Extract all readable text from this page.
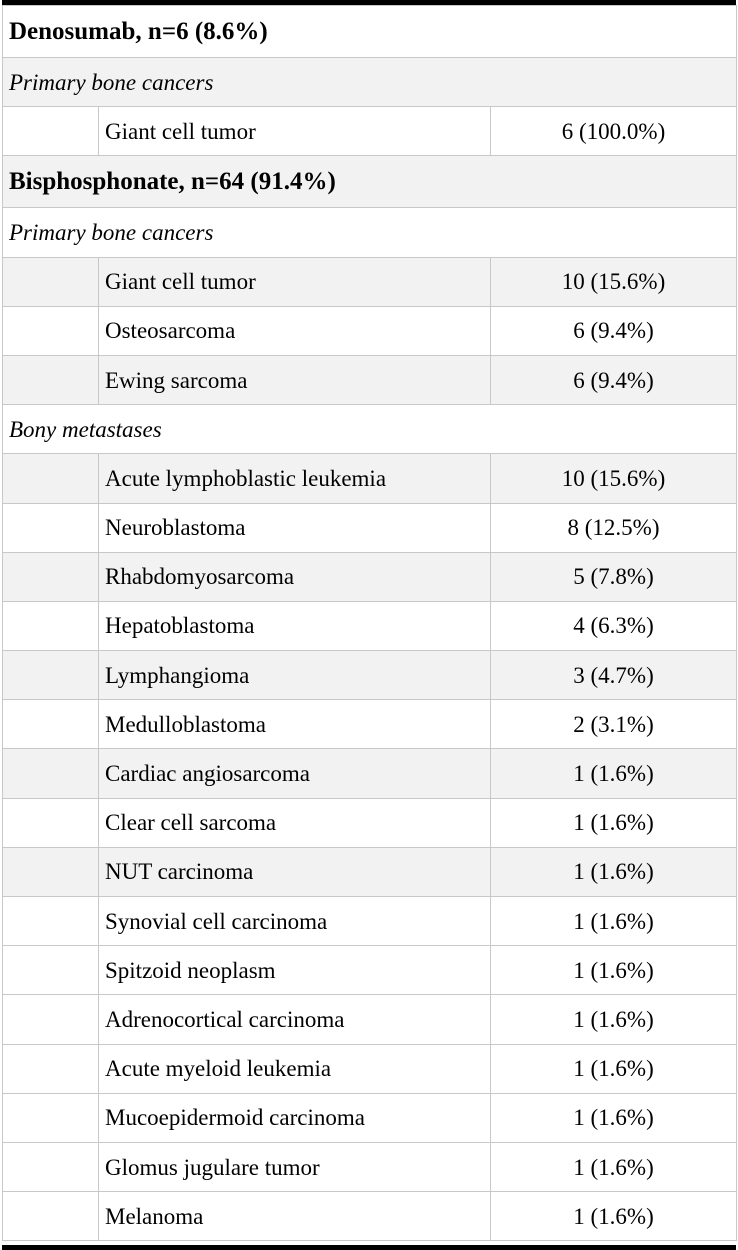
Denosumab, n=6 (8.6%)		
Primary bone cancers		
	Giant cell tumor	6 (100.0%)
Bisphosphonate, n=64 (91.4%)		
Primary bone cancers		
	Giant cell tumor	10 (15.6%)
	Osteosarcoma	6 (9.4%)
	Ewing sarcoma	6 (9.4%)
Bony metastases		
	Acute lymphoblastic leukemia	10 (15.6%)
	Neuroblastoma	8 (12.5%)
	Rhabdomyosarcoma	5 (7.8%)
	Hepatoblastoma	4 (6.3%)
	Lymphangioma	3 (4.7%)
	Medulloblastoma	2 (3.1%)
	Cardiac angiosarcoma	1 (1.6%)
	Clear cell sarcoma	1 (1.6%)
	NUT carcinoma	1 (1.6%)
	Synovial cell carcinoma	1 (1.6%)
	Spitzoid neoplasm	1 (1.6%)
	Adrenocortical carcinoma	1 (1.6%)
	Acute myeloid leukemia	1 (1.6%)
	Mucoepidermoid carcinoma	1 (1.6%)
	Glomus jugulare tumor	1 (1.6%)
	Melanoma	1 (1.6%)
